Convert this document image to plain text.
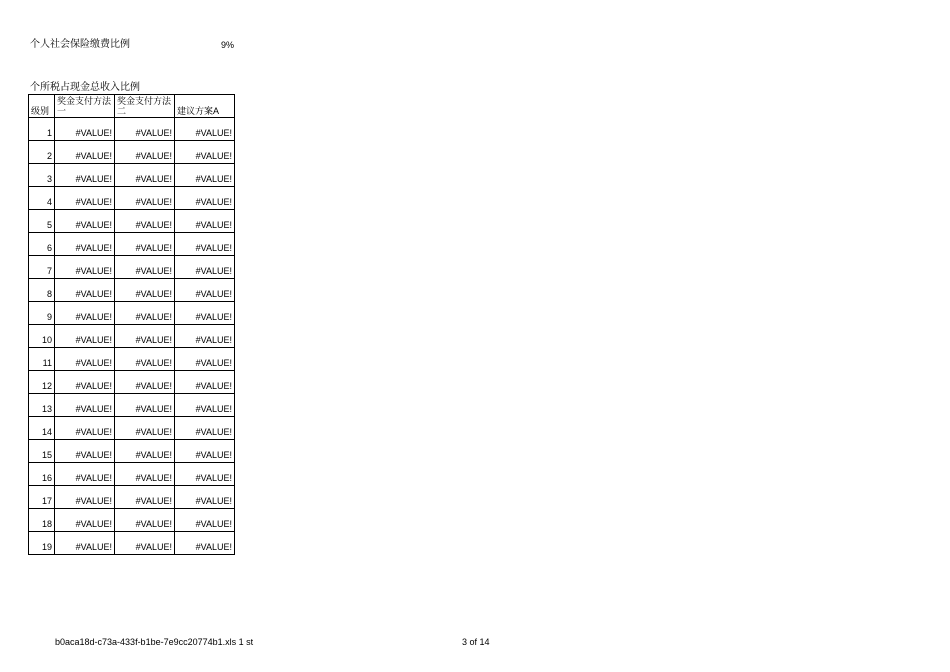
个人社会保险缴费比例	9%
个所税占现金总收入比例
级别	奖金支付方法一	奖金支付方法二	建议方案A
1	#VALUE!	#VALUE!	#VALUE!
2	#VALUE!	#VALUE!	#VALUE!
3	#VALUE!	#VALUE!	#VALUE!
4	#VALUE!	#VALUE!	#VALUE!
5	#VALUE!	#VALUE!	#VALUE!
6	#VALUE!	#VALUE!	#VALUE!
7	#VALUE!	#VALUE!	#VALUE!
8	#VALUE!	#VALUE!	#VALUE!
9	#VALUE!	#VALUE!	#VALUE!
10	#VALUE!	#VALUE!	#VALUE!
11	#VALUE!	#VALUE!	#VALUE!
12	#VALUE!	#VALUE!	#VALUE!
13	#VALUE!	#VALUE!	#VALUE!
14	#VALUE!	#VALUE!	#VALUE!
15	#VALUE!	#VALUE!	#VALUE!
16	#VALUE!	#VALUE!	#VALUE!
17	#VALUE!	#VALUE!	#VALUE!
18	#VALUE!	#VALUE!	#VALUE!
19	#VALUE!	#VALUE!	#VALUE!
b0aca18d-c73a-433f-b1be-7e9cc20774b1.xls 1 st	3 of 14
